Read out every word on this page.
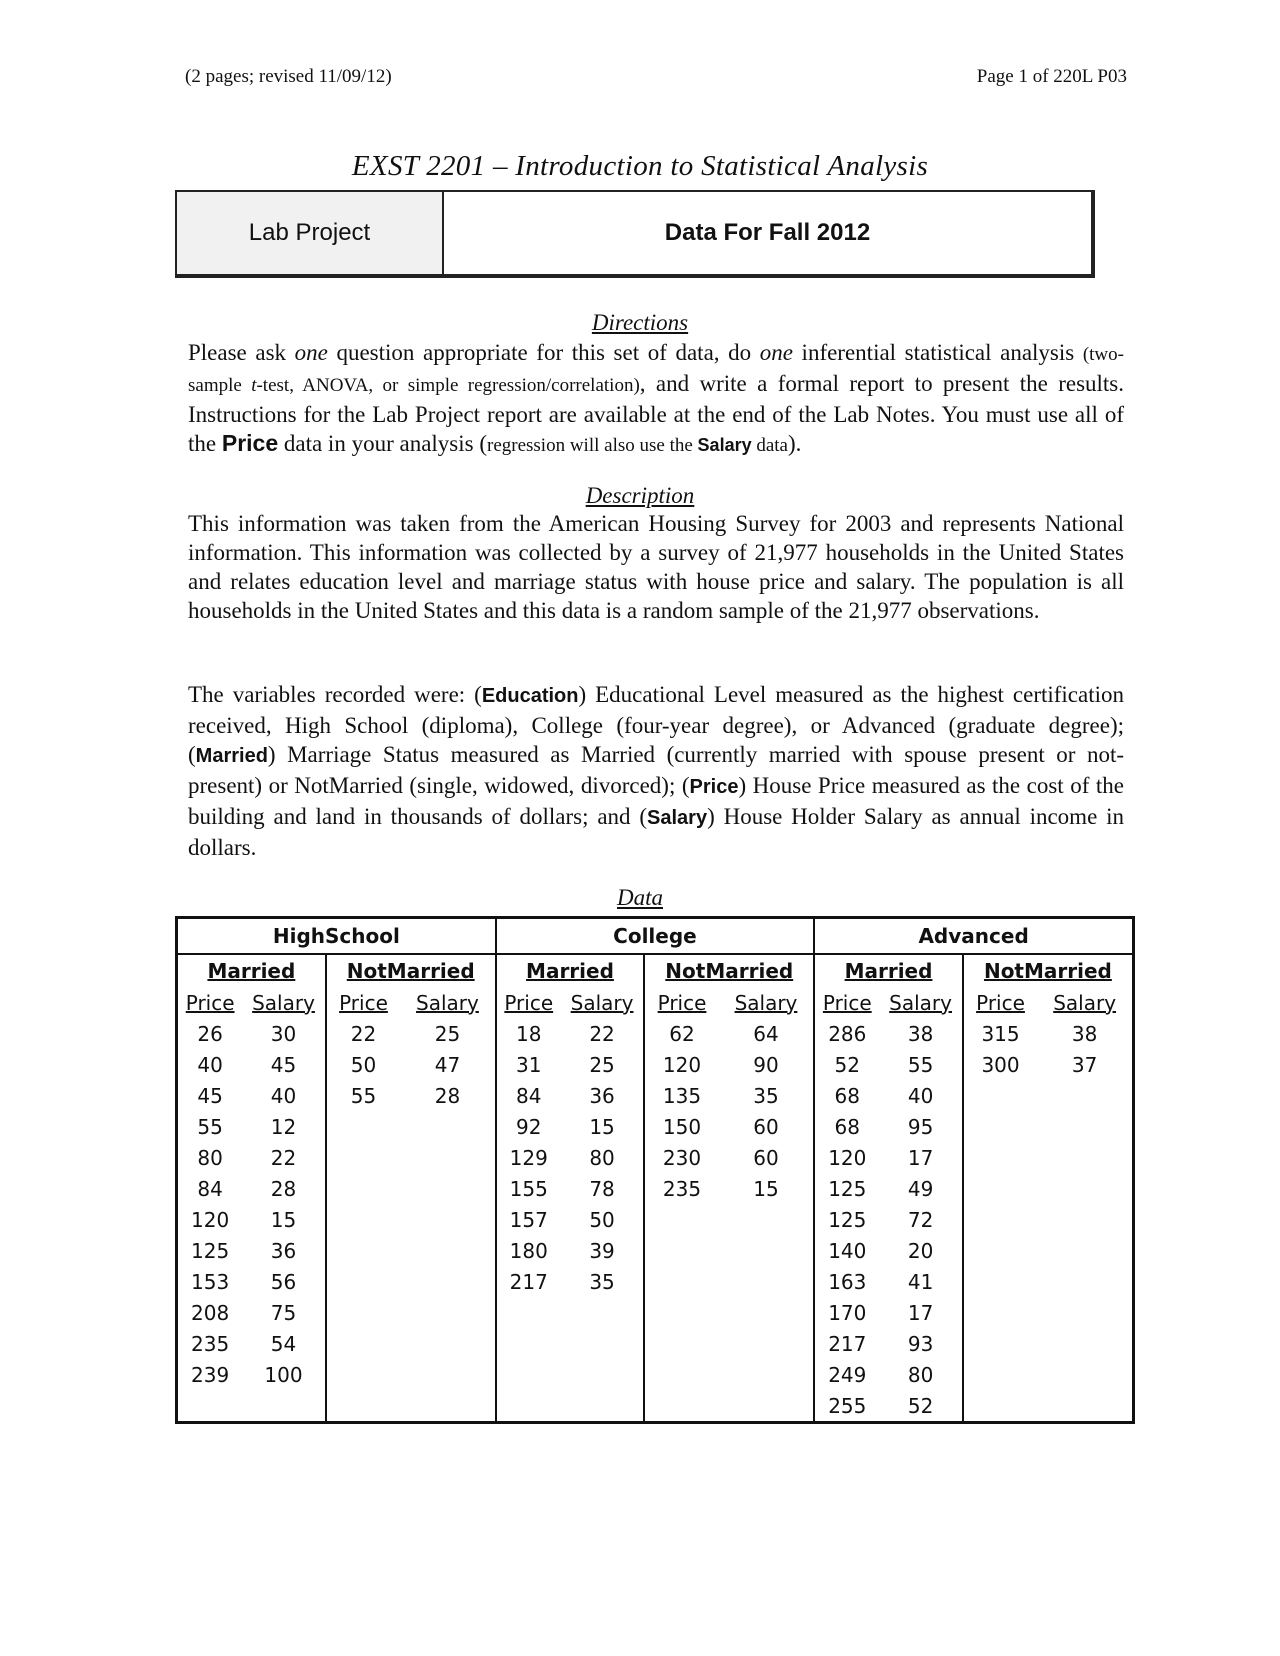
(2 pages; revised 11/09/12)	Page 1 of 220L P03
EXST 2201 – Introduction to Statistical Analysis
Lab Project	Data For Fall 2012
Directions
Please ask one question appropriate for this set of data, do one inferential statistical analysis (two-sample t-test, ANOVA, or simple regression/correlation), and write a formal report to present the results. Instructions for the Lab Project report are available at the end of the Lab Notes. You must use all of the Price data in your analysis (regression will also use the Salary data).
Description
This information was taken from the American Housing Survey for 2003 and represents National information. This information was collected by a survey of 21,977 households in the United States and relates education level and marriage status with house price and salary. The population is all households in the United States and this data is a random sample of the 21,977 observations.
The variables recorded were: (Education) Educational Level measured as the highest certification received, High School (diploma), College (four-year degree), or Advanced (graduate degree); (Married) Marriage Status measured as Married (currently married with spouse present or not-present) or NotMarried (single, widowed, divorced); (Price) House Price measured as the cost of the building and land in thousands of dollars; and (Salary) House Holder Salary as annual income in dollars.
Data
HighSchool				College				Advanced			
Married		NotMarried		Married		NotMarried		Married		NotMarried	
Price	Salary	Price	Salary	Price	Salary	Price	Salary	Price	Salary	Price	Salary
26	30	22	25	18	22	62	64	286	38	315	38
40	45	50	47	31	25	120	90	52	55	300	37
45	40	55	28	84	36	135	35	68	40		
55	12			92	15	150	60	68	95		
80	22			129	80	230	60	120	17		
84	28			155	78	235	15	125	49		
120	15			157	50			125	72		
125	36			180	39			140	20		
153	56			217	35			163	41		
208	75							170	17		
235	54							217	93		
239	100							249	80		
								255	52		
